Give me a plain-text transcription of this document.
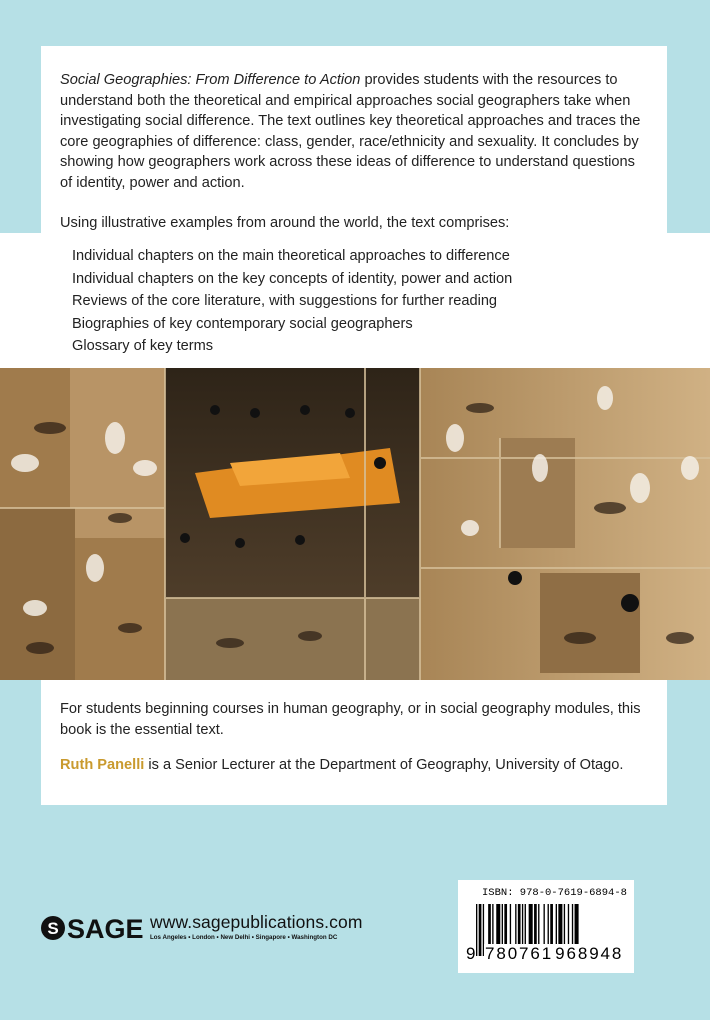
Social Geographies: From Difference to Action provides students with the resources to understand both the theoretical and empirical approaches social geographers take when investigating social difference. The text outlines key theoretical approaches and traces the core geographies of difference: class, gender, race/ethnicity and sexuality. It concludes by showing how geographers work across these ideas of difference to understand questions of identity, power and action.

Using illustrative examples from around the world, the text comprises:

Individual chapters on the main theoretical approaches to difference
Individual chapters on the key concepts of identity, power and action
Reviews of the core literature, with suggestions for further reading
Biographies of key contemporary social geographers
Glossary of key terms

For students beginning courses in human geography, or in social geography modules, this book is the essential text.

Ruth Panelli is a Senior Lecturer at the Department of Geography, University of Otago.

S SAGE www.sagepublications.com
Los Angeles • London • New Delhi • Singapore • Washington DC
ISBN: 978-0-7619-6894-8
9 780761 968948
